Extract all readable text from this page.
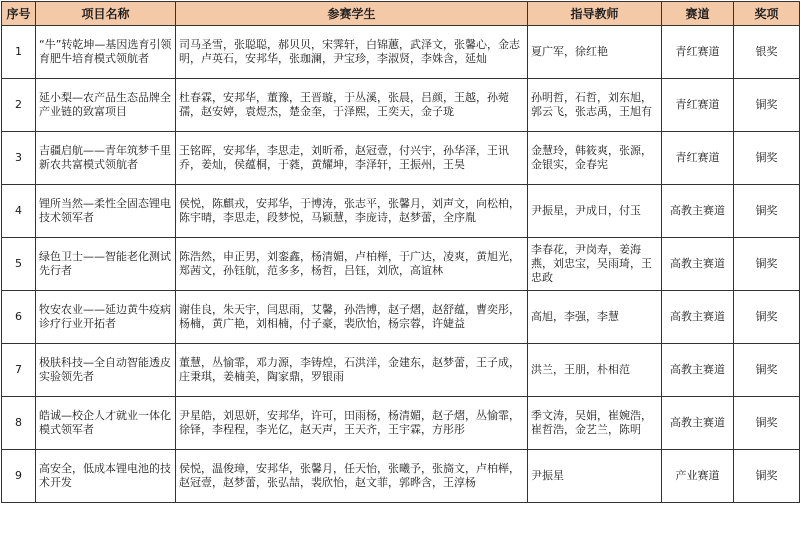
序号	项目名称	参赛学生	指导教师	赛道	奖项
1	“牛”转乾坤—基因选育引领育肥牛培育模式领航者	司马圣雪，张聪聪，郝贝贝，宋霁轩，白锦蕙，武泽文，张馨心，金志明，卢英石，安邦华，张珈澜，尹宝珍，李淑贤，李姝含，延灿	夏广军，徐红艳	青红赛道	银奖
2	延小梨—农产品生态品牌全产业链的致富项目	杜春霖，安邦华，董豫，王晋璇，于丛溪，张晨，吕颜，王越，孙菀孺，赵安婷，袁煜杰，楚金奎，于泽熙，王奕天，金子珑	孙明哲，石哲，刘东旭，郭云飞，张志禹，王旭有	青红赛道	铜奖
3	吉疆启航——青年筑梦千里　新农共富模式领航者	王铭晖，安邦华，李思走，刘昕希，赵冠壹，付兴宇，孙华泽，王讯乔，姜灿，侯蕴桐，于蕤，黄耀坤，李泽轩，王振州，王昊	金慧玲，韩筱爽，张源，金银实，金春宪	青红赛道	铜奖
4	锂所当然—柔性全固态锂电技术领军者	侯悦，陈麒戎，安邦华，于博涛，张志平，张馨月，刘声文，向松柏，陈宇晴，李思走，段梦悦，马颖慧，李庞诗，赵梦蕾，全序胤	尹振星，尹成日，付玉	高教主赛道	铜奖
5	绿色卫士——智能老化测试先行者	陈浩然，申正男，刘銮鑫，杨清媚，卢柏榉，于广达，凌爽，黄旭光，郑茜文，孙钰航，范多多，杨哲，吕钰，刘欣，高谊林	李春花，尹岗寿，姜海燕，刘忠宝，吴雨琦，王忠政	高教主赛道	铜奖
6	牧安农业——延边黄牛疫病诊疗行业开拓者	谢佳良，朱天宇，闫思雨，艾馨，孙浩博，赵子熠，赵舒蕴，曹奕彤，杨楠，黄广艳，刘相楠，付子豪，裴欣怡，杨宗蓉，许婕益	高旭，李强，李慧	高教主赛道	铜奖
7	极肤科技—全自动智能透皮实验领先者	董慧，丛愉霏，邓力源，李铸煌，石洪洋，金建东，赵梦蕾，王子成，庄秉琪，姜楠美，陶家鼎，罗银雨	洪兰，王朋，朴相范	高教主赛道	铜奖
8	皓诚—校企人才就业一体化模式领军者	尹星皓，刘思妍，安邦华，许可，田雨杨，杨清媚，赵子熠，丛愉霏，徐铎，李程程，李光亿，赵天声，王天齐，王宇霖，方彤彤	季文涛，吴娟，崔婉浩，崔哲浩，金艺兰，陈明	高教主赛道	铜奖
9	高安全，低成本锂电池的技术开发	侯悦，温俊璋，安邦华，张馨月，任天怡，张曦予，张旖文，卢柏榉，赵冠壹，赵梦蕾，张弘喆，裴欣怡，赵文菲，郭晔含，王淳杨	尹振星	产业赛道	铜奖
